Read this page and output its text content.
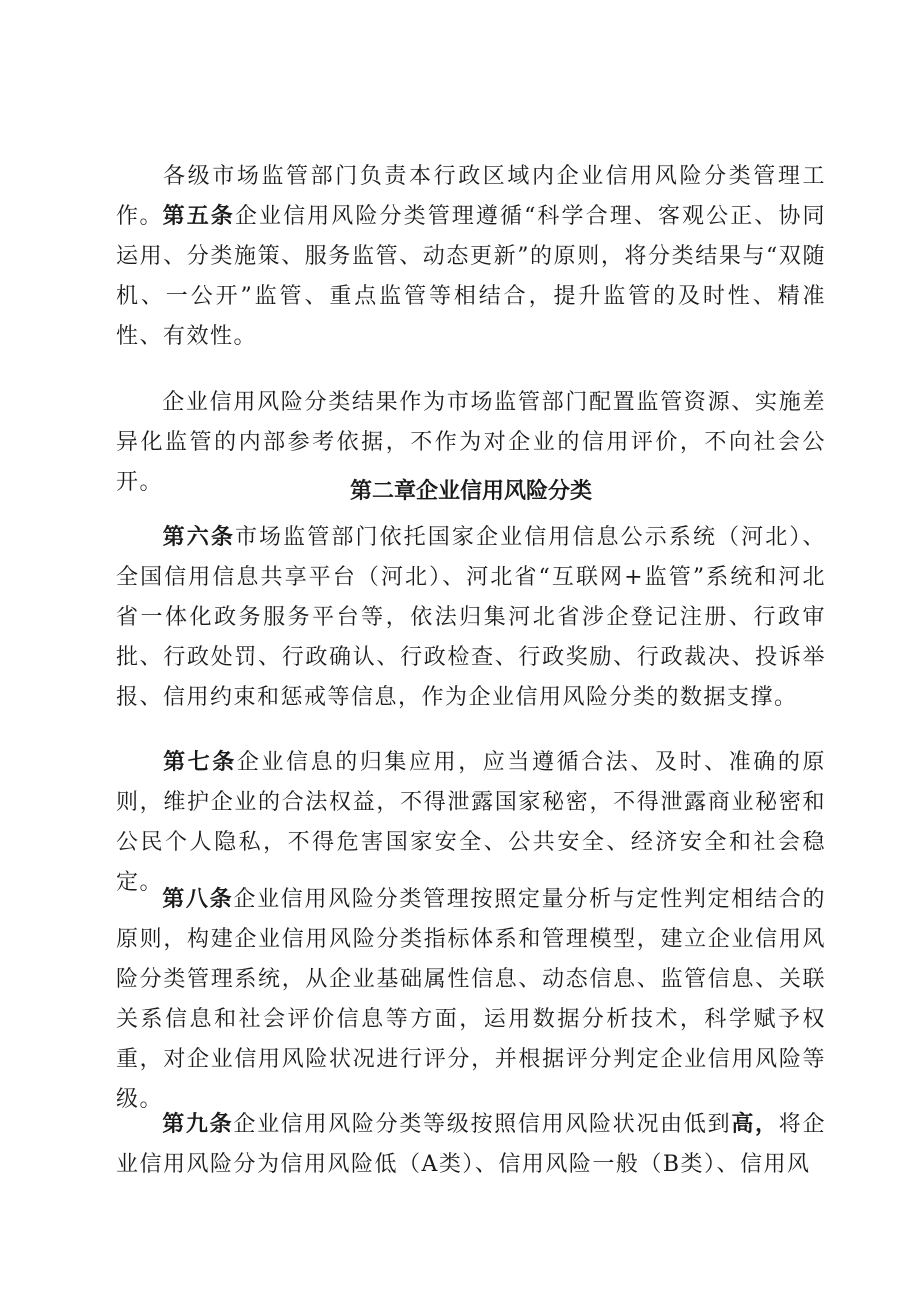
各级市场监管部门负责本行政区域内企业信用风险分类管理工作。

第五条企业信用风险分类管理遵循“科学合理、客观公正、协同运用、分类施策、服务监管、动态更新”的原则，将分类结果与“双随机、一公开”监管、重点监管等相结合，提升监管的及时性、精准性、有效性。

企业信用风险分类结果作为市场监管部门配置监管资源、实施差异化监管的内部参考依据，不作为对企业的信用评价，不向社会公开。	第二章企业信用风险分类

第六条市场监管部门依托国家企业信用信息公示系统（河北）、全国信用信息共享平台（河北）、河北省“互联网+监管”系统和河北省一体化政务服务平台等，依法归集河北省涉企登记注册、行政审批、行政处罚、行政确认、行政检查、行政奖励、行政裁决、投诉举报、信用约束和惩戒等信息，作为企业信用风险分类的数据支撑。

第七条企业信息的归集应用，应当遵循合法、及时、准确的原则，维护企业的合法权益，不得泄露国家秘密，不得泄露商业秘密和公民个人隐私，不得危害国家安全、公共安全、经济安全和社会稳定。

第八条企业信用风险分类管理按照定量分析与定性判定相结合的原则，构建企业信用风险分类指标体系和管理模型，建立企业信用风险分类管理系统，从企业基础属性信息、动态信息、监管信息、关联关系信息和社会评价信息等方面，运用数据分析技术，科学赋予权重，对企业信用风险状况进行评分，并根据评分判定企业信用风险等级。

第九条企业信用风险分类等级按照信用风险状况由低到高，将企业信用风险分为信用风险低（A类）、信用风险一般（B类）、信用风
